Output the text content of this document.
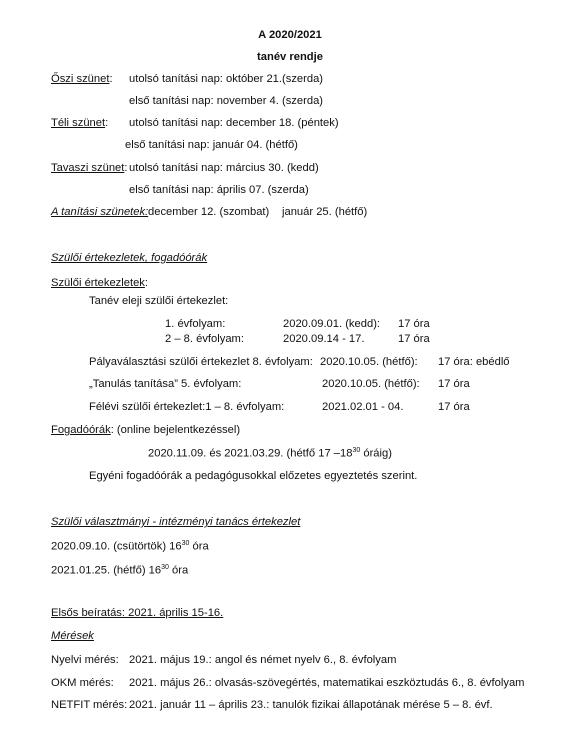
A 2020/2021
tanév rendje
Őszi szünet: utolsó tanítási nap: október 21.(szerda)
első tanítási nap: november 4. (szerda)
Téli szünet: utolsó tanítási nap: december 18. (péntek)
első tanítási nap: január 04. (hétfő)
Tavaszi szünet: utolsó tanítási nap: március 30. (kedd)
első tanítási nap: április 07. (szerda)
A tanítási szünetek: december 12. (szombat) január 25. (hétfő)
Szülői értekezletek, fogadóórák
Szülői értekezletek:
Tanév eleji szülői értekezlet:
1. évfolyam:	2020.09.01. (kedd): 17 óra
2 – 8. évfolyam:	2020.09.14 - 17.	17 óra
Pályaválasztási szülői értekezlet 8. évfolyam: 2020.10.05. (hétfő): 17 óra: ebédlő
„Tanulás tanítása” 5. évfolyam:	2020.10.05. (hétfő): 17 óra
Félévi szülői értekezlet:1 – 8. évfolyam:	2021.02.01 - 04.	17 óra
Fogadóórák: (online bejelentkezéssel)
2020.11.09. és 2021.03.29. (hétfő 17 $-18^{30}$ óráig)
Egyéni fogadóórák a pedagógusokkal előzetes egyeztetés szerint.
Szülői választmányi - intézményi tanács értekezlet
2020.09.10. (csütörtök) $16^{30}$ óra
2021.01.25. (hétfő) $16^{30}$ óra
Elsős beíratás: 2021. április 15-16.
Mérések
Nyelvi mérés: 2021. május 19.: angol és német nyelv 6., 8. évfolyam
OKM mérés: 2021. május 26.: olvasás-szövegértés, matematikai eszköztudás 6., 8. évfolyam
NETFIT mérés: 2021. január 11 – április 23.: tanulók fizikai állapotának mérése 5 – 8. évf.
